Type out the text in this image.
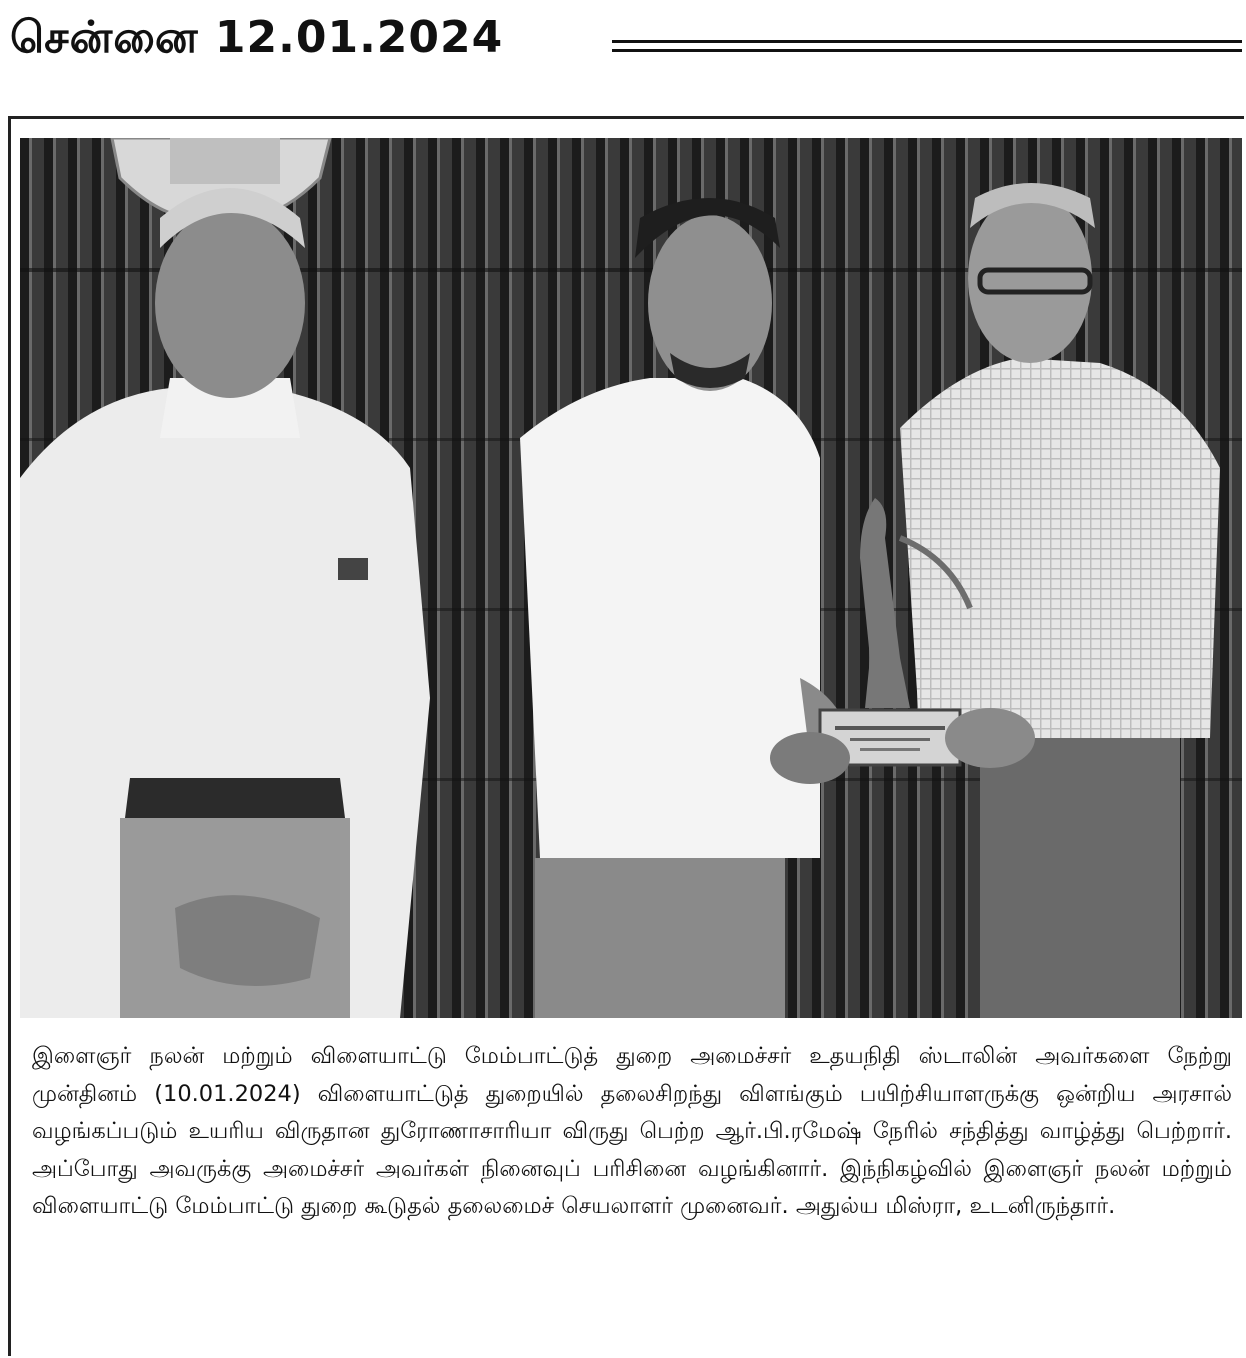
சென்னை 12.01.2024
இளைஞர் நலன் மற்றும் விளையாட்டு மேம்பாட்டுத் துறை அமைச்சர் உதயநிதி ஸ்டாலின் அவர்களை நேற்று முன்தினம் (10.01.2024) விளையாட்டுத் துறையில் தலைசிறந்து விளங்கும் பயிற்சியாளருக்கு ஒன்றிய அரசால் வழங்கப்படும் உயரிய விருதான துரோணாசாரியா விருது பெற்ற ஆர்.பி.ரமேஷ் நேரில் சந்தித்து வாழ்த்து பெற்றார். அப்போது அவருக்கு அமைச்சர் அவர்கள் நினைவுப் பரிசினை வழங்கினார். இந்நிகழ்வில் இளைஞர் நலன் மற்றும் விளையாட்டு மேம்பாட்டு துறை கூடுதல் தலைமைச் செயலாளர் முனைவர். அதுல்ய மிஸ்ரா, உடனிருந்தார்.
